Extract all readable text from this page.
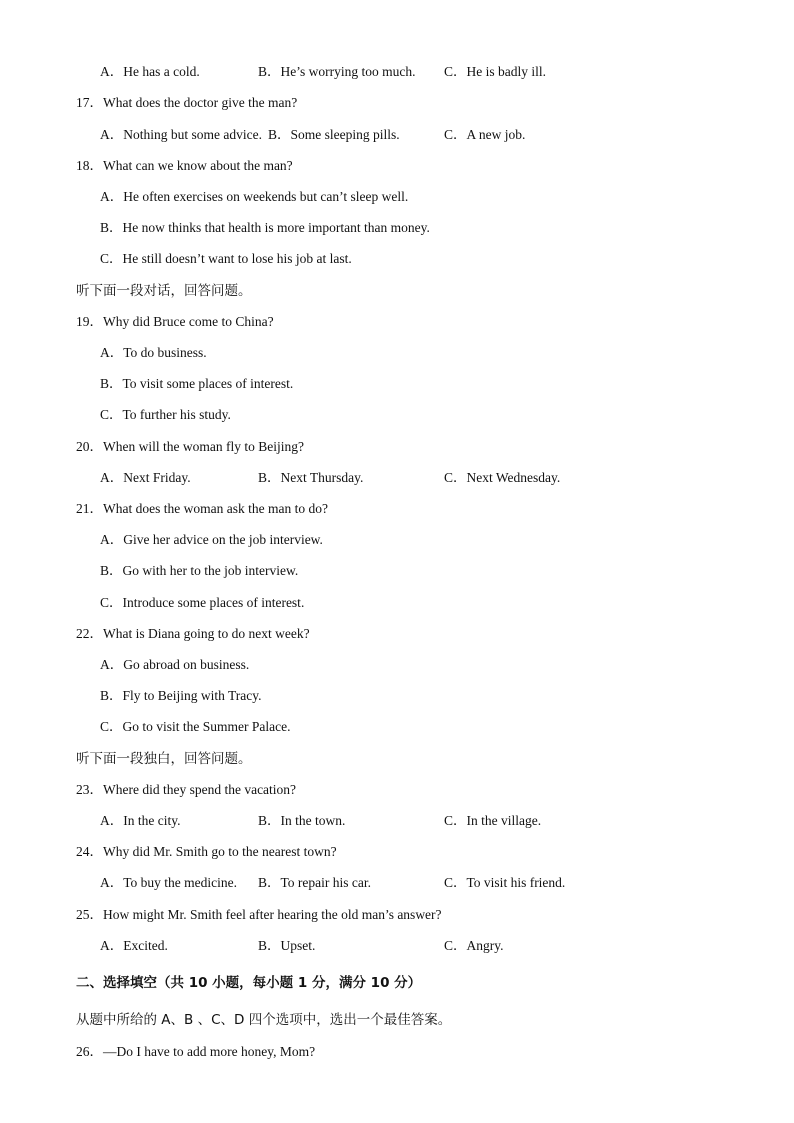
A．He has a cold.	B．He’s worrying too much. C．He is badly ill.
17．What does the doctor give the man?
A．Nothing but some advice. B．Some sleeping pills.	C．A new job.
18．What can we know about the man?
A．He often exercises on weekends but can’t sleep well.
B．He now thinks that health is more important than money.
C．He still doesn’t want to lose his job at last.
听下面一段对话，回答问题。
19．Why did Bruce come to China?
A．To do business.
B．To visit some places of interest.
C．To further his study.
20．When will the woman fly to Beijing?
A．Next Friday.	B．Next Thursday.	C．Next Wednesday.
21．What does the woman ask the man to do?
A．Give her advice on the job interview.
B．Go with her to the job interview.
C．Introduce some places of interest.
22．What is Diana going to do next week?
A．Go abroad on business.
B．Fly to Beijing with Tracy.
C．Go to visit the Summer Palace.
听下面一段独白，回答问题。
23．Where did they spend the vacation?
A．In the city.	B．In the town.	C．In the village.
24．Why did Mr. Smith go to the nearest town?
A．To buy the medicine. B．To repair his car.	C．To visit his friend.
25．How might Mr. Smith feel after hearing the old man’s answer?
A．Excited.	B．Upset.	C．Angry.
二、选择填空（共 10 小题，每小题 1 分，满分 10 分）
从题中所给的 A、B 、C、D 四个选项中，选出一个最佳答案。
26．—Do I have to add more honey, Mom?
